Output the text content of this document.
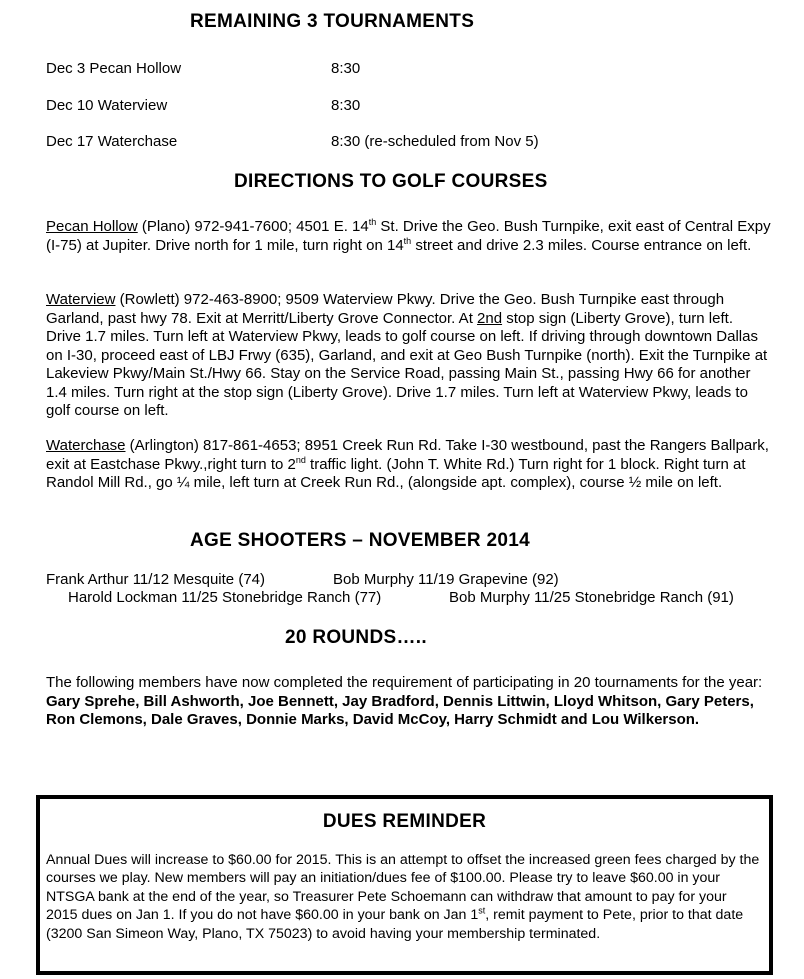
REMAINING 3 TOURNAMENTS
Dec 3 Pecan Hollow	8:30
Dec 10 Waterview	8:30
Dec 17 Waterchase	8:30 (re-scheduled from Nov 5)
DIRECTIONS TO GOLF COURSES

Pecan Hollow (Plano) 972-941-7600; 4501 E. 14th St. Drive the Geo. Bush Turnpike, exit east of Central Expy (I-75) at Jupiter. Drive north for 1 mile, turn right on 14th street and drive 2.3 miles. Course entrance on left.

Waterview (Rowlett) 972-463-8900; 9509 Waterview Pkwy. Drive the Geo. Bush Turnpike east through Garland, past hwy 78. Exit at Merritt/Liberty Grove Connector. At 2nd stop sign (Liberty Grove), turn left. Drive 1.7 miles. Turn left at Waterview Pkwy, leads to golf course on left. If driving through downtown Dallas on I-30, proceed east of LBJ Frwy (635), Garland, and exit at Geo Bush Turnpike (north). Exit the Turnpike at Lakeview Pkwy/Main St./Hwy 66. Stay on the Service Road, passing Main St., passing Hwy 66 for another 1.4 miles. Turn right at the stop sign (Liberty Grove). Drive 1.7 miles. Turn left at Waterview Pkwy, leads to golf course on left.

Waterchase (Arlington) 817-861-4653; 8951 Creek Run Rd. Take I-30 westbound, past the Rangers Ballpark, exit at Eastchase Pkwy.,right turn to 2nd traffic light. (John T. White Rd.) Turn right for 1 block. Right turn at Randol Mill Rd., go ¼ mile, left turn at Creek Run Rd., (alongside apt. complex), course ½ mile on left.

AGE SHOOTERS – NOVEMBER 2014
Frank Arthur 11/12 Mesquite (74)	Bob Murphy 11/19 Grapevine (92)
Harold Lockman 11/25 Stonebridge Ranch (77)	Bob Murphy 11/25 Stonebridge Ranch (91)
20 ROUNDS…..

The following members have now completed the requirement of participating in 20 tournaments for the year: Gary Sprehe, Bill Ashworth, Joe Bennett, Jay Bradford, Dennis Littwin, Lloyd Whitson, Gary Peters, Ron Clemons, Dale Graves, Donnie Marks, David McCoy, Harry Schmidt and Lou Wilkerson.

DUES REMINDER

Annual Dues will increase to $60.00 for 2015. This is an attempt to offset the increased green fees charged by the courses we play. New members will pay an initiation/dues fee of $100.00. Please try to leave $60.00 in your NTSGA bank at the end of the year, so Treasurer Pete Schoemann can withdraw that amount to pay for your 2015 dues on Jan 1. If you do not have $60.00 in your bank on Jan 1st, remit payment to Pete, prior to that date (3200 San Simeon Way, Plano, TX 75023) to avoid having your membership terminated.
